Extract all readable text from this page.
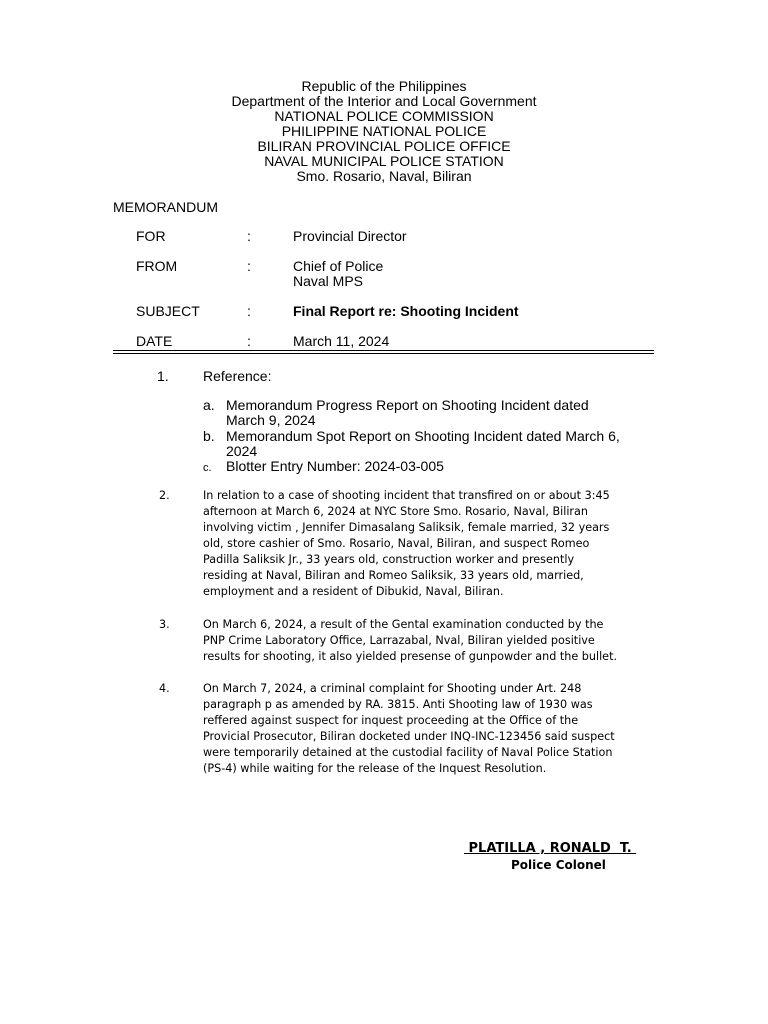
Republic of the Philippines
Department of the Interior and Local Government
NATIONAL POLICE COMMISSION
PHILIPPINE NATIONAL POLICE
BILIRAN PROVINCIAL POLICE OFFICE
NAVAL MUNICIPAL POLICE STATION
Smo. Rosario, Naval, Biliran
MEMORANDUM
FOR	:	Provincial Director
FROM	:	Chief of Police
Naval MPS
SUBJECT	:	Final Report re: Shooting Incident
DATE	:	March 11, 2024
1. Reference:
a. Memorandum Progress Report on Shooting Incident dated
March 9, 2024
b. Memorandum Spot Report on Shooting Incident dated March 6,
2024
c. Blotter Entry Number: 2024-03-005
2.	In relation to a case of shooting incident that transfired on or about 3:45
afternoon at March 6, 2024 at NYC Store Smo. Rosario, Naval, Biliran
involving victim , Jennifer Dimasalang Saliksik, female married, 32 years
old, store cashier of Smo. Rosario, Naval, Biliran, and suspect Romeo
Padilla Saliksik Jr., 33 years old, construction worker and presently
residing at Naval, Biliran and Romeo Saliksik, 33 years old, married,
employment and a resident of Dibukid, Naval, Biliran.
3.	On March 6, 2024, a result of the Gental examination conducted by the
PNP Crime Laboratory Office, Larrazabal, Nval, Biliran yielded positive
results for shooting, it also yielded presense of gunpowder and the bullet.
4.	On March 7, 2024, a criminal complaint for Shooting under Art. 248
paragraph p as amended by RA. 3815. Anti Shooting law of 1930 was
reffered against suspect for inquest proceeding at the Office of the
Provicial Prosecutor, Biliran docketed under INQ-INC-123456 said suspect
were temporarily detained at the custodial facility of Naval Police Station
(PS-4) while waiting for the release of the Inquest Resolution.
PLATILLA , RONALD  T.
Police Colonel
